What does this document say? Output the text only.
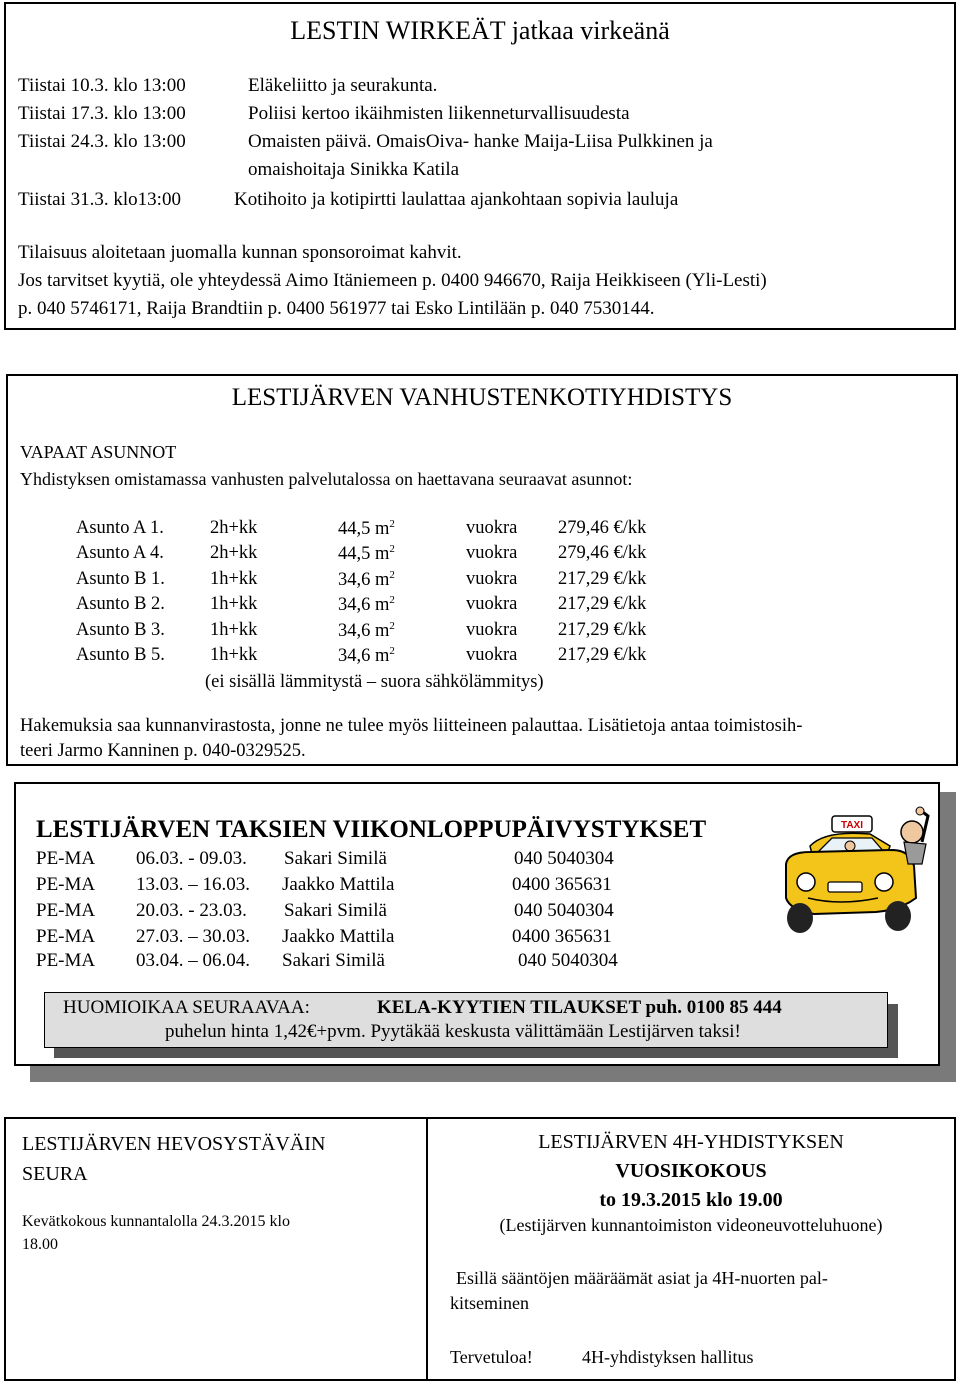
LESTIN WIRKEÄT jatkaa virkeänä
Tiistai 10.3. klo 13:00	Eläkeliitto ja seurakunta.
Tiistai 17.3. klo 13:00	Poliisi kertoo ikäihmisten liikenneturvallisuudesta
Tiistai 24.3. klo 13:00	Omaisten päivä. OmaisOiva- hanke Maija-Liisa Pulkkinen ja
omaishoitaja Sinikka Katila
Tiistai 31.3. klo13:00	Kotihoito ja kotipirtti laulattaa ajankohtaan sopivia lauluja
Tilaisuus aloitetaan juomalla kunnan sponsoroimat kahvit.
Jos tarvitset kyytiä, ole yhteydessä Aimo Itäniemeen p. 0400 946670, Raija Heikkiseen (Yli-Lesti)
p. 040 5746171, Raija Brandtiin p. 0400 561977 tai Esko Lintilään p. 040 7530144.
LESTIJÄRVEN VANHUSTENKOTIYHDISTYS
VAPAAT ASUNNOT
Yhdistyksen omistamassa vanhusten palvelutalossa on haettavana seuraavat asunnot:
Asunto A 1. 2h+kk	44,5 $m^2$	vuokra 279,46 €/kk
Asunto A 4. 2h+kk	44,5 $m^2$	vuokra 279,46 €/kk
Asunto B 1. 1h+kk	34,6 $m^2$	vuokra 217,29 €/kk
Asunto B 2. 1h+kk	34,6 $m^2$	vuokra 217,29 €/kk
Asunto B 3. 1h+kk	34,6 $m^2$	vuokra 217,29 €/kk
Asunto B 5. 1h+kk	34,6 $m^2$	vuokra 217,29 €/kk
(ei sisällä lämmitystä – suora sähkölämmitys)
Hakemuksia saa kunnanvirastosta, jonne ne tulee myös liitteineen palauttaa. Lisätietoja antaa toimistosih-
teeri Jarmo Kanninen p. 040-0329525.
LESTIJÄRVEN TAKSIEN VIIKONLOPPUPÄIVYSTYKSET
PE-MA 06.03. - 09.03. Sakari Similä	040 5040304
PE-MA 13.03. – 16.03. Jaakko Mattila	0400 365631
PE-MA 20.03. - 23.03. Sakari Similä	040 5040304
PE-MA 27.03. – 30.03. Jaakko Mattila	0400 365631
PE-MA 03.04. – 06.04. Sakari Similä	040 5040304
TAXI
HUOMIOIKAA SEURAAVAA:	KELA-KYYTIEN TILAUKSET puh. 0100 85 444
puhelun hinta 1,42€+pvm. Pyytäkää keskusta välittämään Lestijärven taksi!
LESTIJÄRVEN HEVOSYSTÄVÄIN
SEURA
Kevätkokous kunnantalolla 24.3.2015 klo
18.00
LESTIJÄRVEN 4H-YHDISTYKSEN
VUOSIKOKOUS
to 19.3.2015 klo 19.00
(Lestijärven kunnantoimiston videoneuvotteluhuone)
Esillä sääntöjen määräämät asiat ja 4H-nuorten pal-
kitseminen
Tervetuloa!	4H-yhdistyksen hallitus
